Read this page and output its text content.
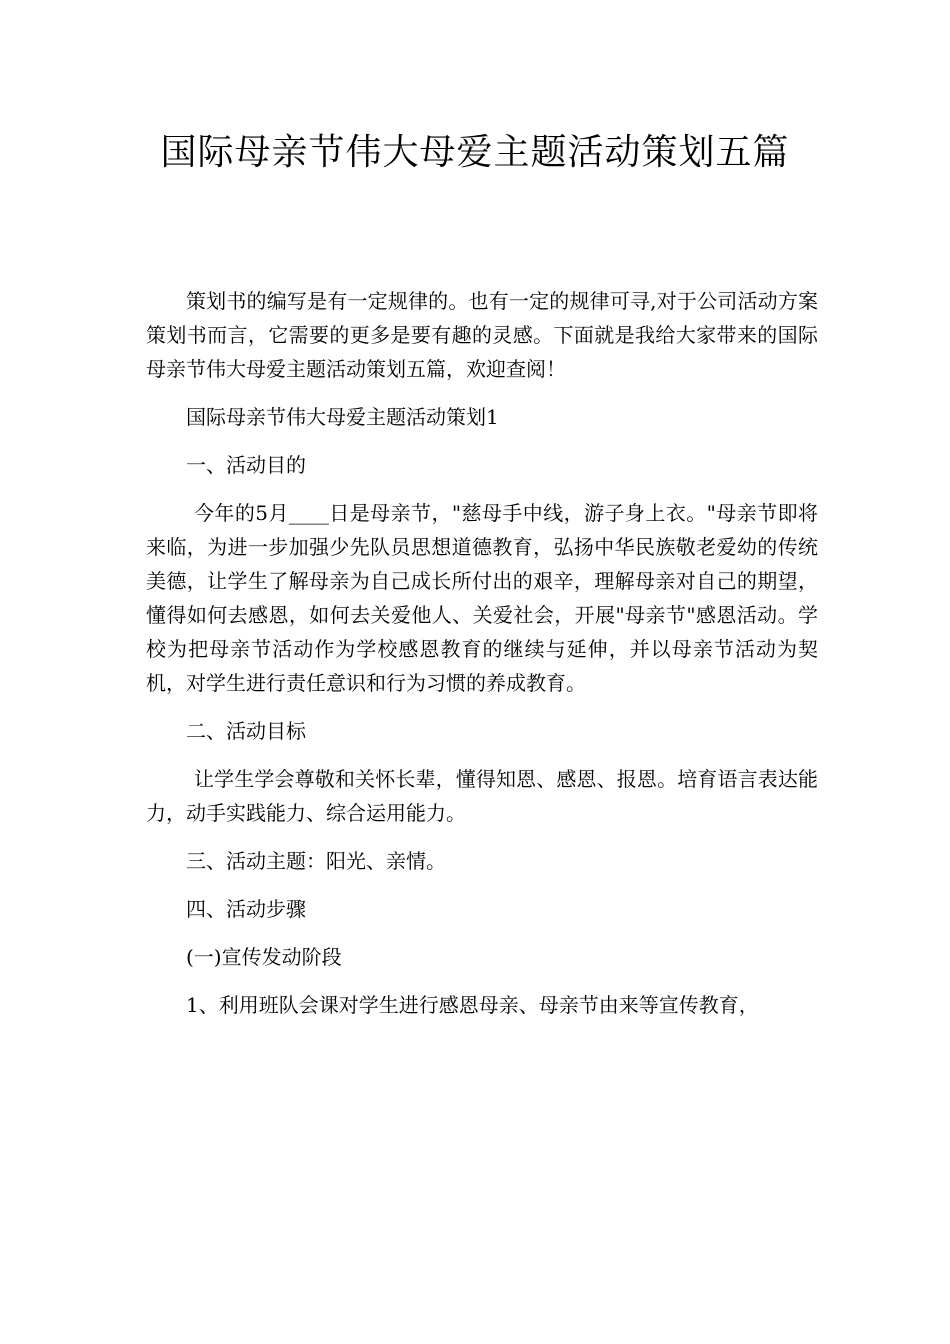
国际母亲节伟大母爱主题活动策划五篇

策划书的编写是有一定规律的。也有一定的规律可寻,对于公司活动方案策划书而言，它需要的更多是要有趣的灵感。下面就是我给大家带来的国际母亲节伟大母爱主题活动策划五篇，欢迎查阅！

国际母亲节伟大母爱主题活动策划1

一、活动目的

今年的5月____日是母亲节，"慈母手中线，游子身上衣。"母亲节即将来临，为进一步加强少先队员思想道德教育，弘扬中华民族敬老爱幼的传统美德，让学生了解母亲为自己成长所付出的艰辛，理解母亲对自己的期望，懂得如何去感恩，如何去关爱他人、关爱社会，开展"母亲节"感恩活动。学校为把母亲节活动作为学校感恩教育的继续与延伸，并以母亲节活动为契机，对学生进行责任意识和行为习惯的养成教育。

二、活动目标

让学生学会尊敬和关怀长辈，懂得知恩、感恩、报恩。培育语言表达能力，动手实践能力、综合运用能力。

三、活动主题：阳光、亲情。

四、活动步骤

(一)宣传发动阶段

1、利用班队会课对学生进行感恩母亲、母亲节由来等宣传教育，
